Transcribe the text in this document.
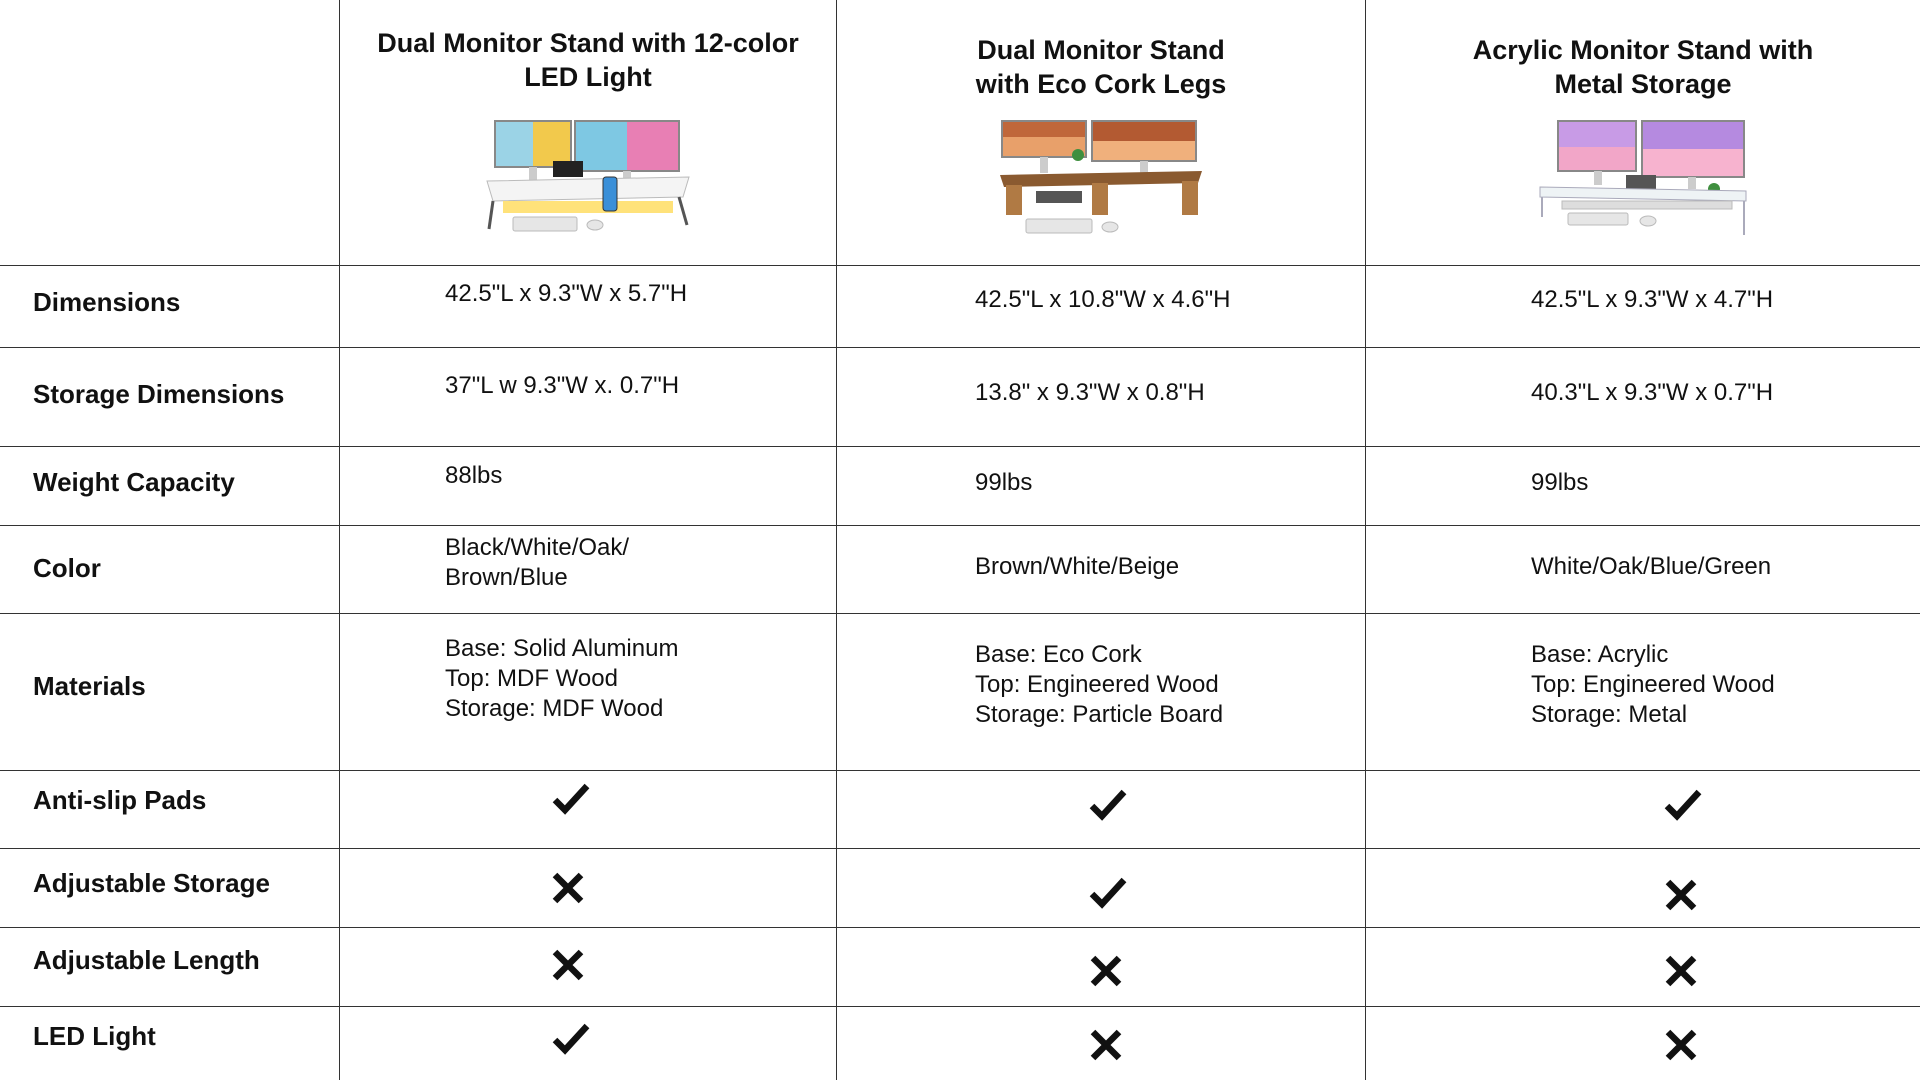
Dual Monitor Stand with 12-color
LED Light
Dual Monitor Stand
with Eco Cork Legs
Acrylic Monitor Stand with
Metal Storage
Dimensions
Storage Dimensions
Weight Capacity
Color
Materials
Anti-slip Pads
Adjustable Storage
Adjustable Length
LED Light
42.5"L x 9.3"W x 5.7"H
37"L w 9.3"W x. 0.7"H
88lbs
Black/White/Oak/
Brown/Blue
Base: Solid Aluminum
Top: MDF Wood
Storage: MDF Wood
42.5"L x 10.8"W x 4.6"H
13.8" x 9.3"W x 0.8"H
99lbs
Brown/White/Beige
Base: Eco Cork
Top: Engineered Wood
Storage: Particle Board
42.5"L x 9.3"W x 4.7"H
40.3"L x 9.3"W x 0.7"H
99lbs
White/Oak/Blue/Green
Base: Acrylic
Top: Engineered Wood
Storage: Metal
